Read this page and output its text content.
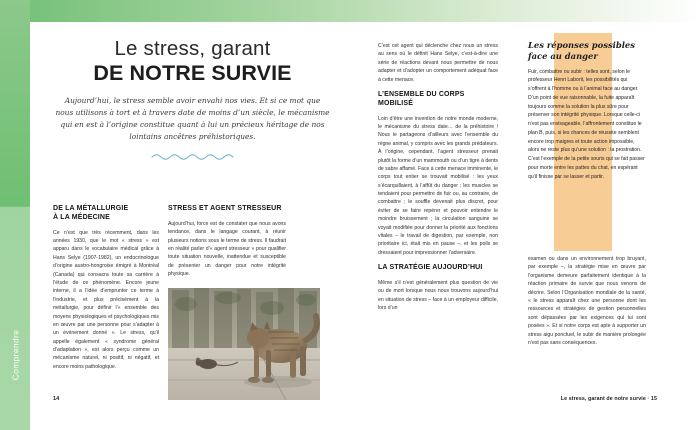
Comprendre
Le stress, garant
DE NOTRE SURVIE
Aujourd’hui, le stress semble avoir envahi nos vies. Et si ce mot que nous utilisons à tort et à travers date de moins d’un siècle, le mécanisme qui en est à l’origine constitue quant à lui un précieux héritage de nos lointains ancêtres préhistoriques.
DE LA MÉTALLURGIE
À LA MÉDECINE

Ce n’est que très récemment, dans les années 1930, que le mot « stress » est apparu dans le vocabulaire médical grâce à Hans Selye (1907-1982), un endocrinologue d’origine austro-hongroise émigré à Montréal (Canada) qui consacra toute sa carrière à l’étude de ce phénomène. Encore jeune interne, il a l’idée d’emprunter ce terme à l’industrie, et plus précisément à la métallurgie, pour définir l’« ensemble des moyens physiologiques et psychologiques mis en œuvre par une personne pour s’adapter à un événement donné ». Le stress, qu’il appelle également « syndrome général d’adaptation », est alors perçu comme un mécanisme naturel, ni positif, ni négatif, et encore moins pathologique.

STRESS ET AGENT STRESSEUR

Aujourd’hui, force est de constater que nous avons tendance, dans le langage courant, à réunir plusieurs notions sous le terme de stress. Il faudrait en réalité parler d’« agent stresseur » pour qualifier toute situation nouvelle, inattendue et susceptible de présenter un danger pour notre intégrité physique.

C’est cet agent qui déclenche chez nous un stress au sens où le définit Hans Selye, c’est-à-dire une série de réactions devant nous permettre de nous adapter et d’adopter un comportement adéquat face à cette menace.

L’ENSEMBLE DU CORPS
MOBILISÉ

Loin d’être une invention de notre monde moderne, le mécanisme du stress date… de la préhistoire ! Nous le partageons d’ailleurs avec l’ensemble du règne animal, y compris avec les grands prédateurs. À l’origine, cependant, l’agent stresseur prenait plutôt la forme d’un mammouth ou d’un tigre à dents de sabre affamé. Face à cette menace imminente, le corps tout entier se trouvait mobilisé : les yeux s’écarquillaient, à l’affût du danger ; les muscles se tendaient pour permettre de fuir ou, au contraire, de combattre ; le souffle devenait plus discret, pour éviter de se faire repérer et pouvoir entendre le moindre bruissement ; la circulation sanguine se voyait modifiée pour donner la priorité aux fonctions vitales – le travail de digestion, par exemple, non prioritaire ici, était mis en pause –, et les poils se dressaient pour impressionner l’adversaire.

LA STRATÉGIE AUJOURD’HUI

Même s’il n’est généralement plus question de vie ou de mort lorsque nous nous trouvons aujourd’hui en situation de stress – face à un employeur difficile, lors d’un

Les réponses possibles face au danger
Fuir, combattre ou subir : telles sont, selon le professeur Henri Laborit, les possibilités qui s’offrent à l’homme ou à l’animal face au danger. D’un point de vue raisonnable, la fuite apparaît toujours comme la solution la plus sûre pour préserver son intégrité physique. Lorsque celle-ci n’est pas envisageable, l’affrontement constitue le plan B, puis, si les chances de réussite semblent encore trop maigres et toute action impossible, alors ne reste plus qu’une solution : la prostration. C’est l’exemple de la petite souris qui se fait passer pour morte entre les pattes du chat, en espérant qu’il finisse par se lasser et partir.

examen ou dans un environnement trop bruyant, par exemple –, la stratégie mise en œuvre par l’organisme demeure parfaitement identique à la réaction primaire de survie que nous venons de décrire. Selon l’Organisation mondiale de la santé, « le stress apparaît chez une personne dont les ressources et stratégies de gestion personnelles sont dépassées par les exigences qui lui sont posées ». Et si notre corps est apte à supporter un stress aigu ponctuel, le subir de manière prolongée n’est pas sans conséquences.

14	Le stress, garant de notre survie · 15
